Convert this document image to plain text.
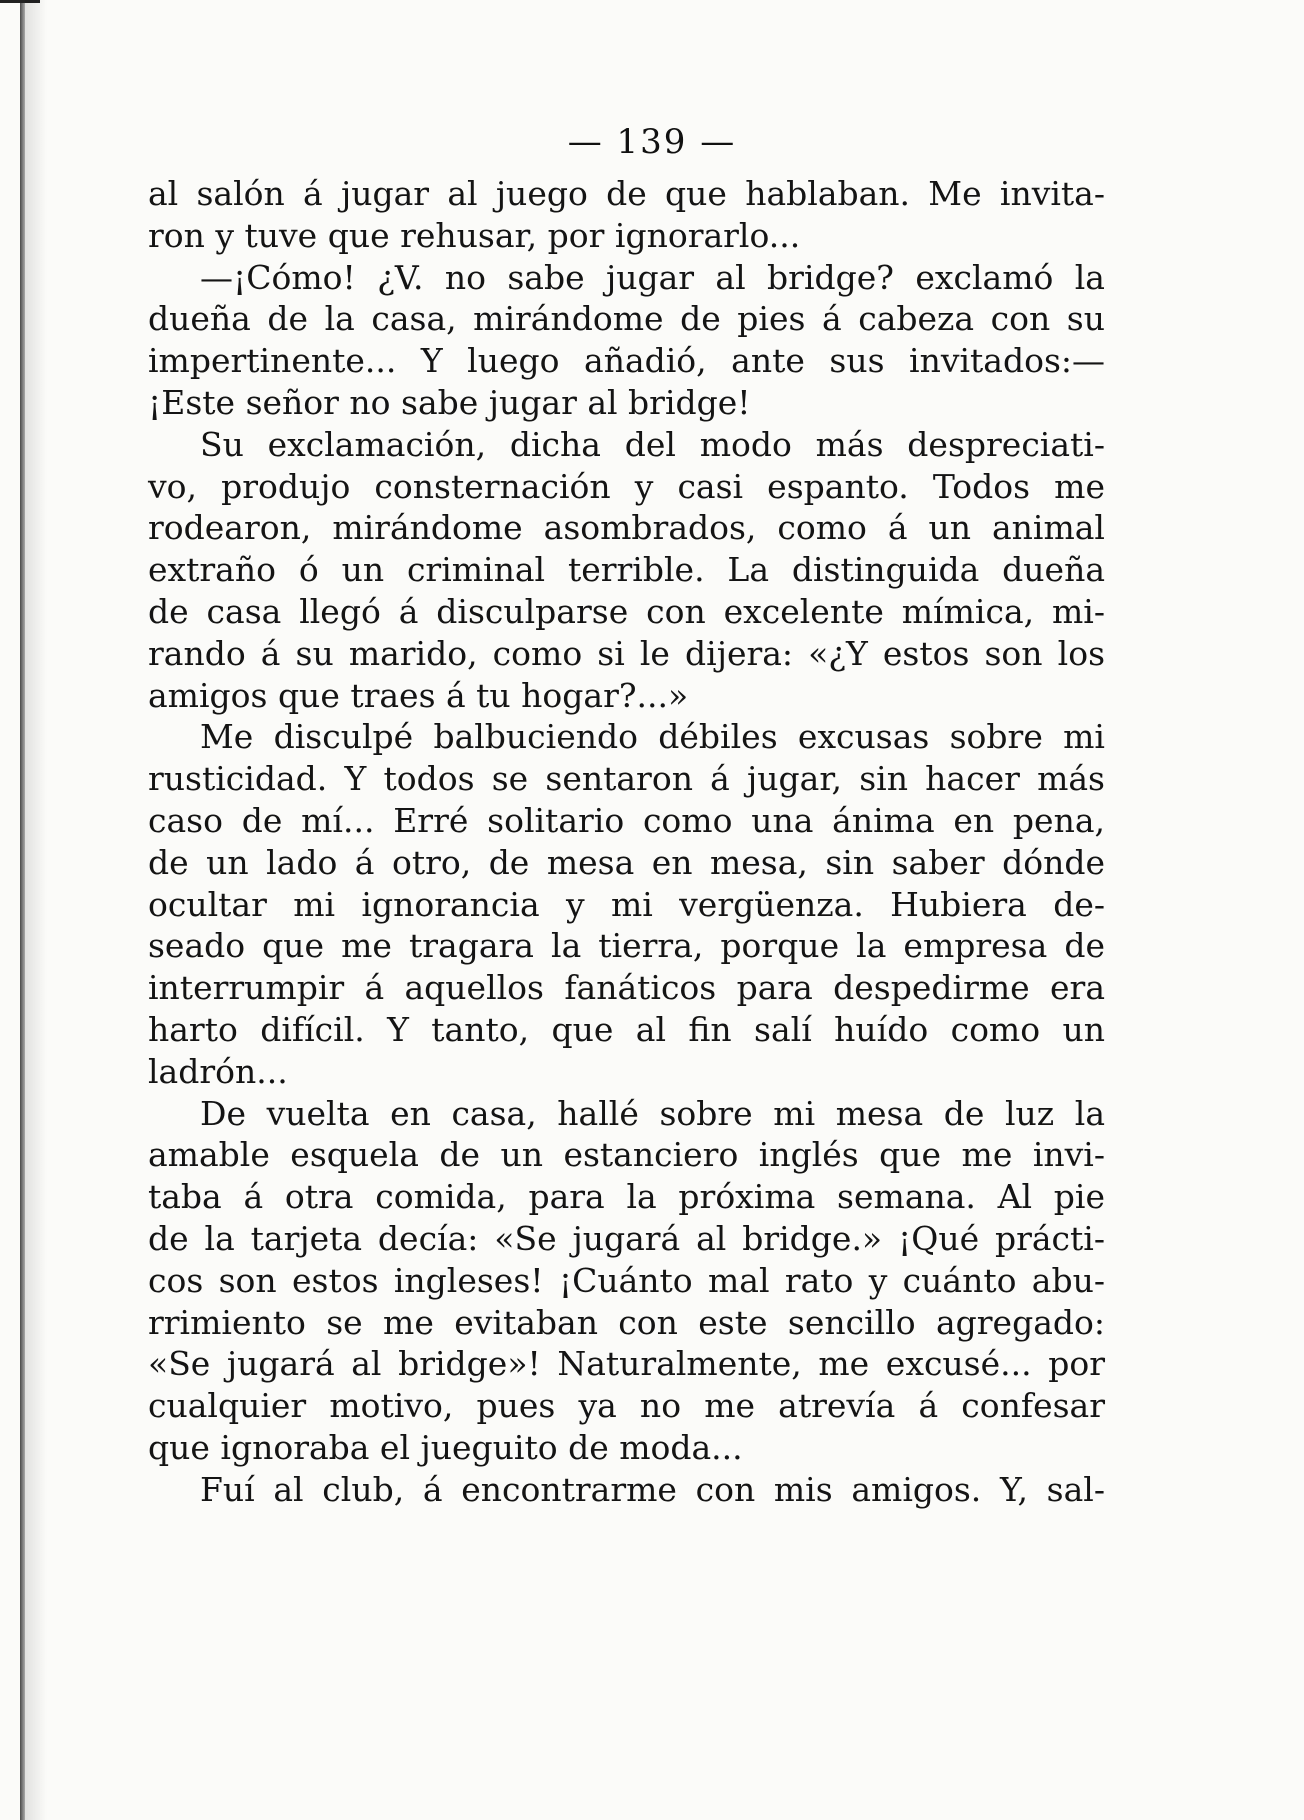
— 139 —
al salón á jugar al juego de que hablaban. Me invita-
ron y tuve que rehusar, por ignorarlo...
—¡Cómo! ¿V. no sabe jugar al bridge? exclamó la
dueña de la casa, mirándome de pies á cabeza con su
impertinente... Y luego añadió, ante sus invitados:—
¡Este señor no sabe jugar al bridge!
Su exclamación, dicha del modo más despreciati-
vo, produjo consternación y casi espanto. Todos me
rodearon, mirándome asombrados, como á un animal
extraño ó un criminal terrible. La distinguida dueña
de casa llegó á disculparse con excelente mímica, mi-
rando á su marido, como si le dijera: «¿Y estos son los
amigos que traes á tu hogar?...»
Me disculpé balbuciendo débiles excusas sobre mi
rusticidad. Y todos se sentaron á jugar, sin hacer más
caso de mí... Erré solitario como una ánima en pena,
de un lado á otro, de mesa en mesa, sin saber dónde
ocultar mi ignorancia y mi vergüenza. Hubiera de-
seado que me tragara la tierra, porque la empresa de
interrumpir á aquellos fanáticos para despedirme era
harto difícil. Y tanto, que al fin salí huído como un
ladrón...
De vuelta en casa, hallé sobre mi mesa de luz la
amable esquela de un estanciero inglés que me invi-
taba á otra comida, para la próxima semana. Al pie
de la tarjeta decía: «Se jugará al bridge.» ¡Qué prácti-
cos son estos ingleses! ¡Cuánto mal rato y cuánto abu-
rrimiento se me evitaban con este sencillo agregado:
«Se jugará al bridge»! Naturalmente, me excusé... por
cualquier motivo, pues ya no me atrevía á confesar
que ignoraba el jueguito de moda...
Fuí al club, á encontrarme con mis amigos. Y, sal-
